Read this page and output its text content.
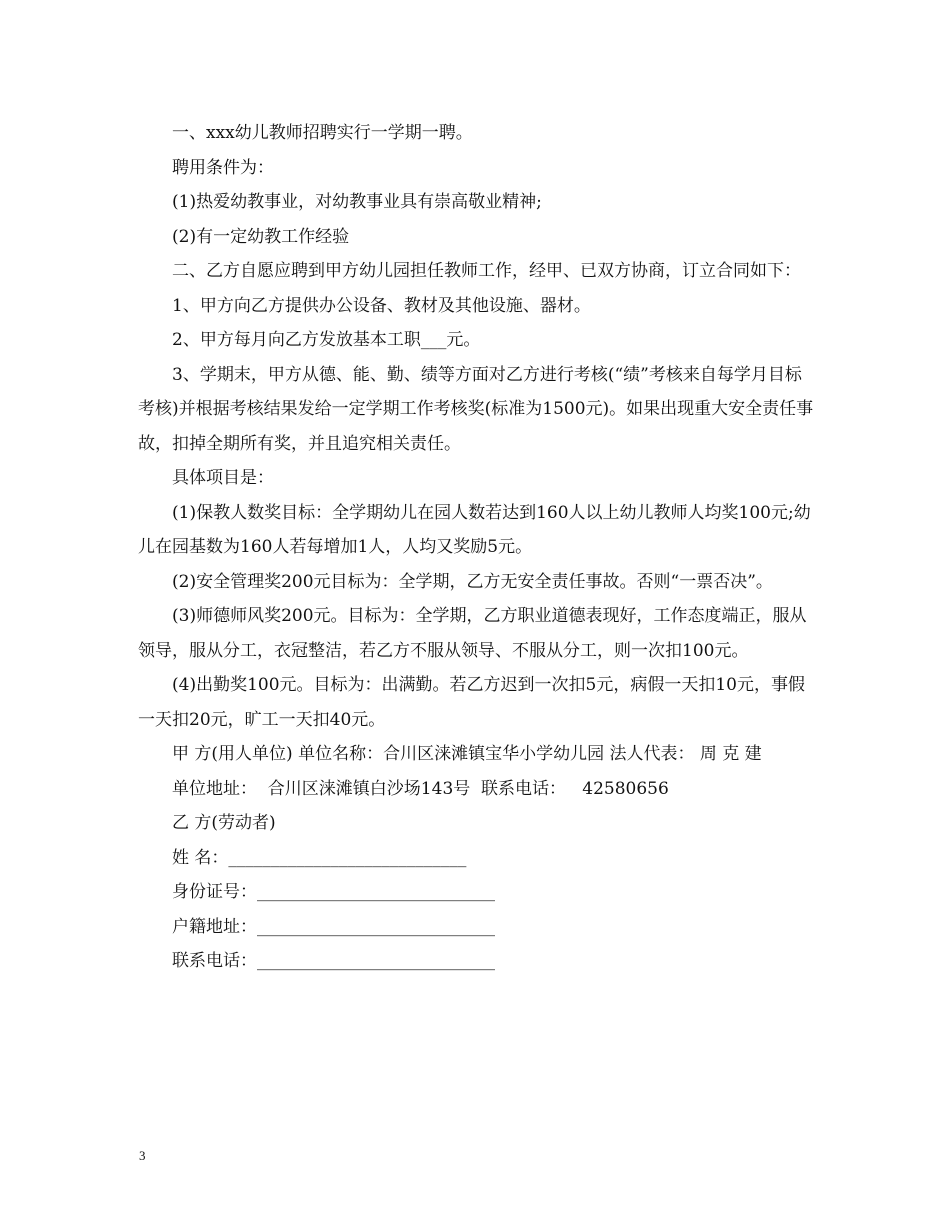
一、xxx幼儿教师招聘实行一学期一聘。

聘用条件为：

(1)热爱幼教事业，对幼教事业具有崇高敬业精神;

(2)有一定幼教工作经验

二、乙方自愿应聘到甲方幼儿园担任教师工作，经甲、已双方协商，订立合同如下：

1、甲方向乙方提供办公设备、教材及其他设施、器材。

2、甲方每月向乙方发放基本工职___元。

3、学期末，甲方从德、能、勤、绩等方面对乙方进行考核(“绩”考核来自每学月目标考核)并根据考核结果发给一定学期工作考核奖(标准为1500元)。如果出现重大安全责任事故，扣掉全期所有奖，并且追究相关责任。

具体项目是：

(1)保教人数奖目标：全学期幼儿在园人数若达到160人以上幼儿教师人均奖100元;幼儿在园基数为160人若每增加1人，人均又奖励5元。

(2)安全管理奖200元目标为：全学期，乙方无安全责任事故。否则“一票否决”。

(3)师德师风奖200元。目标为：全学期，乙方职业道德表现好，工作态度端正，服从领导，服从分工，衣冠整洁，若乙方不服从领导、不服从分工，则一次扣100元。

(4)出勤奖100元。目标为：出满勤。若乙方迟到一次扣5元，病假一天扣10元，事假一天扣20元，旷工一天扣40元。

甲 方(用人单位) 单位名称：合川区涞滩镇宝华小学幼儿园 法人代表： 周 克 建

单位地址：  合川区涞滩镇白沙场143号  联系电话：   42580656

乙 方(劳动者)

姓 名：____________________________

身份证号：____________________________

户籍地址：____________________________

联系电话：____________________________

3
